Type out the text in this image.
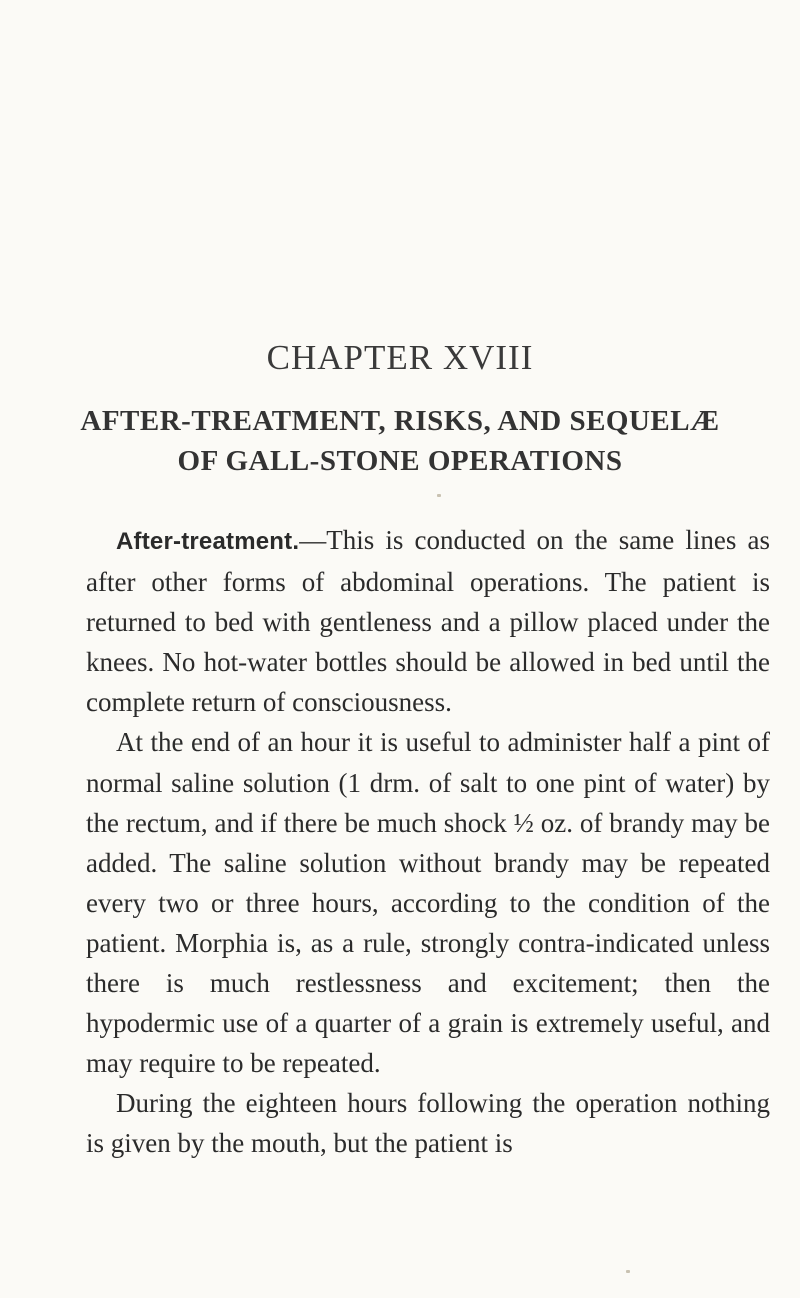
CHAPTER XVIII
AFTER-TREATMENT, RISKS, AND SEQUELÆ
OF GALL-STONE OPERATIONS

After-treatment.—This is conducted on the same lines as after other forms of abdominal operations. The patient is returned to bed with gentleness and a pillow placed under the knees. No hot-water bottles should be allowed in bed until the complete return of consciousness.

At the end of an hour it is useful to administer half a pint of normal saline solution (1 drm. of salt to one pint of water) by the rectum, and if there be much shock ½ oz. of brandy may be added. The saline solution without brandy may be repeated every two or three hours, according to the condition of the patient. Morphia is, as a rule, strongly contra-indicated unless there is much restlessness and excitement; then the hypodermic use of a quarter of a grain is extremely useful, and may require to be repeated.

During the eighteen hours following the operation nothing is given by the mouth, but the patient is
